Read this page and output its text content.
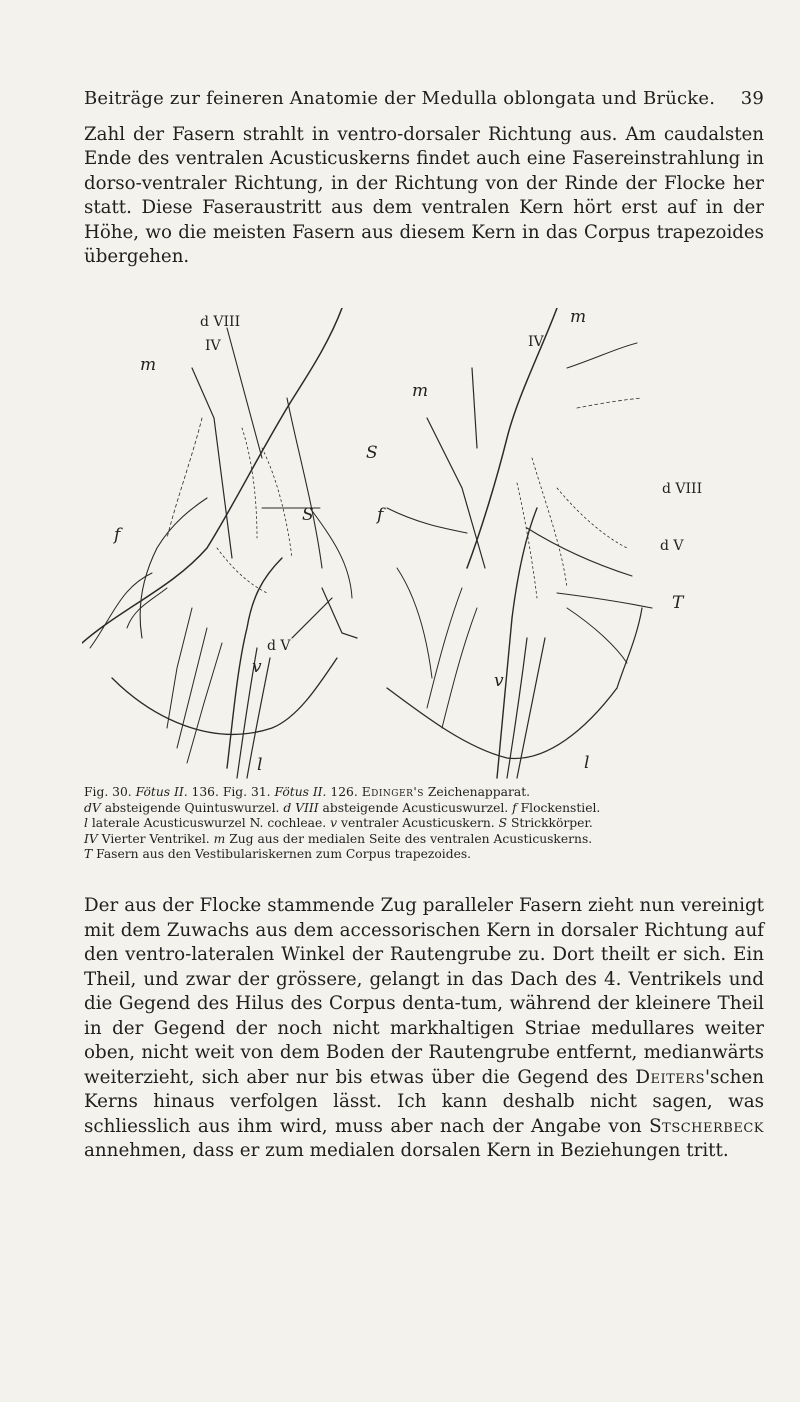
Beiträge zur feineren Anatomie der Medulla oblongata und Brücke. 39

Zahl der Fasern strahlt in ventro-dorsaler Richtung aus. Am caudalsten Ende des ventralen Acusticuskerns findet auch eine Fasereinstrahlung in dorso-ventraler Richtung, in der Richtung von der Rinde der Flocke her statt. Diese Faseraustritt aus dem ventralen Kern hört erst auf in der Höhe, wo die meisten Fasern aus diesem Kern in das Corpus trapezoides übergehen.

d VIII
IV
m
S
f
d V
v
l
IV
m
m
S
f
d VIII
d V
T
v
l
Fig. 30. Fötus II. 136. Fig. 31. Fötus II. 126. Edinger's Zeichenapparat.
dV absteigende Quintuswurzel. d VIII absteigende Acusticuswurzel. f Flockenstiel.
l laterale Acusticuswurzel N. cochleae. v ventraler Acusticuskern. S Strickkörper.
IV Vierter Ventrikel. m Zug aus der medialen Seite des ventralen Acusticuskerns.
T Fasern aus den Vestibulariskernen zum Corpus trapezoides.

Der aus der Flocke stammende Zug paralleler Fasern zieht nun vereinigt mit dem Zuwachs aus dem accessorischen Kern in dorsaler Richtung auf den ventro-lateralen Winkel der Rautengrube zu. Dort theilt er sich. Ein Theil, und zwar der grössere, gelangt in das Dach des 4. Ventrikels und die Gegend des Hilus des Corpus denta-tum, während der kleinere Theil in der Gegend der noch nicht markhaltigen Striae medullares weiter oben, nicht weit von dem Boden der Rautengrube entfernt, medianwärts weiterzieht, sich aber nur bis etwas über die Gegend des Deiters'schen Kerns hinaus verfolgen lässt. Ich kann deshalb nicht sagen, was schliesslich aus ihm wird, muss aber nach der Angabe von Stscherbeck annehmen, dass er zum medialen dorsalen Kern in Beziehungen tritt.
